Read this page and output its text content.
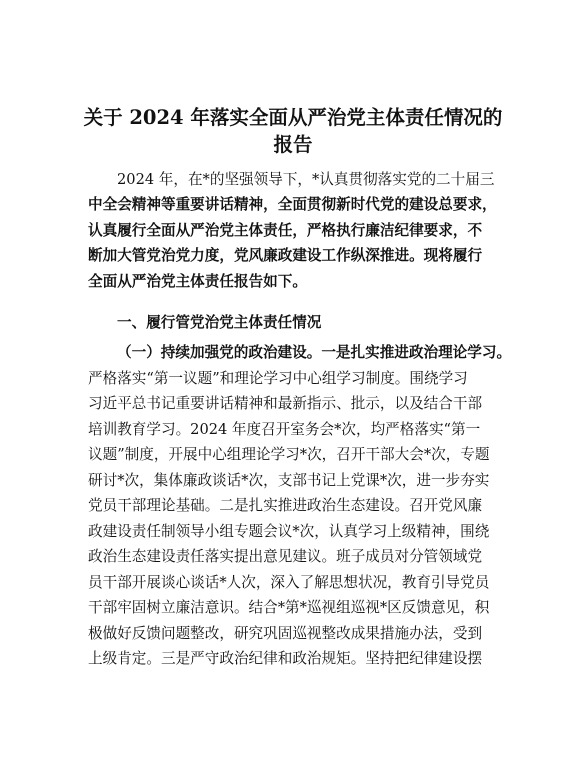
关于 2024 年落实全面从严治党主体责任情况的
报告

2024 年，在*的坚强领导下，*认真贯彻落实党的二十届三

中全会精神等重要讲话精神，全面贯彻新时代党的建设总要求，

认真履行全面从严治党主体责任，严格执行廉洁纪律要求，不

断加大管党治党力度，党风廉政建设工作纵深推进。现将履行

全面从严治党主体责任报告如下。

一、履行管党治党主体责任情况

（一）持续加强党的政治建设。一是扎实推进政治理论学习。

严格落实“第一议题”和理论学习中心组学习制度。围绕学习

习近平总书记重要讲话精神和最新指示、批示，以及结合干部

培训教育学习。2024 年度召开室务会*次，均严格落实“第一

议题”制度，开展中心组理论学习*次，召开干部大会*次，专题

研讨*次，集体廉政谈话*次，支部书记上党课*次，进一步夯实

党员干部理论基础。二是扎实推进政治生态建设。召开党风廉

政建设责任制领导小组专题会议*次，认真学习上级精神，围绕

政治生态建设责任落实提出意见建议。班子成员对分管领域党

员干部开展谈心谈话*人次，深入了解思想状况，教育引导党员

干部牢固树立廉洁意识。结合*第*巡视组巡视*区反馈意见，积

极做好反馈问题整改，研究巩固巡视整改成果措施办法，受到

上级肯定。三是严守政治纪律和政治规矩。坚持把纪律建设摆
